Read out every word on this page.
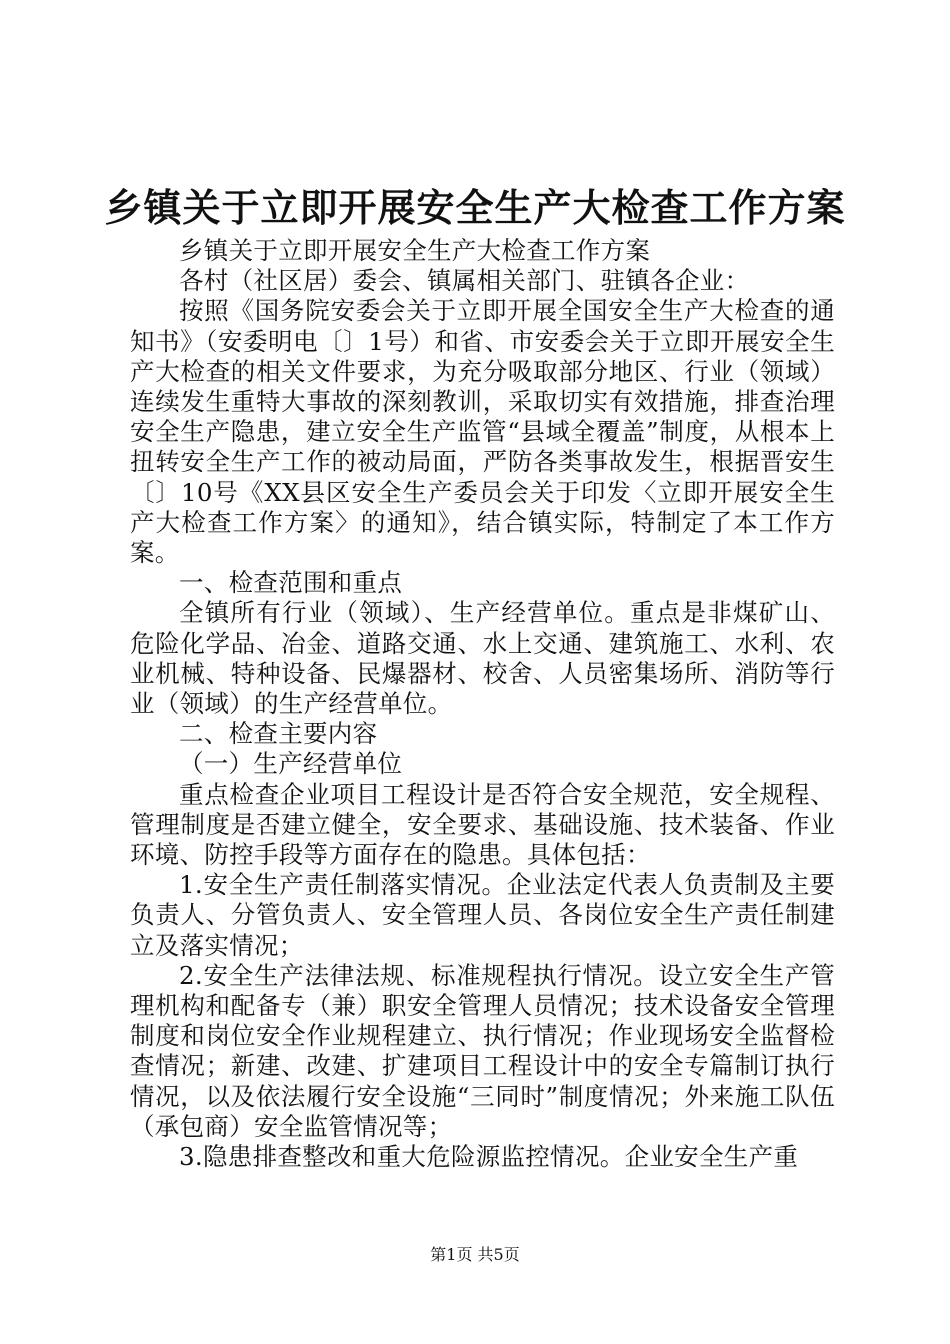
乡镇关于立即开展安全生产大检查工作方案

乡镇关于立即开展安全生产大检查工作方案

各村（社区居）委会、镇属相关部门、驻镇各企业：

按照《国务院安委会关于立即开展全国安全生产大检查的通知书》（安委明电〔〕1号）和省、市安委会关于立即开展安全生产大检查的相关文件要求，为充分吸取部分地区、行业（领域）连续发生重特大事故的深刻教训，采取切实有效措施，排查治理安全生产隐患，建立安全生产监管“县域全覆盖”制度，从根本上扭转安全生产工作的被动局面，严防各类事故发生，根据晋安生〔〕10号《XX县区安全生产委员会关于印发〈立即开展安全生产大检查工作方案〉的通知》，结合镇实际，特制定了本工作方案。

一、检查范围和重点

全镇所有行业（领域）、生产经营单位。重点是非煤矿山、危险化学品、冶金、道路交通、水上交通、建筑施工、水利、农业机械、特种设备、民爆器材、校舍、人员密集场所、消防等行业（领域）的生产经营单位。

二、检查主要内容

（一）生产经营单位

重点检查企业项目工程设计是否符合安全规范，安全规程、管理制度是否建立健全，安全要求、基础设施、技术装备、作业环境、防控手段等方面存在的隐患。具体包括：

1.安全生产责任制落实情况。企业法定代表人负责制及主要负责人、分管负责人、安全管理人员、各岗位安全生产责任制建立及落实情况；

2.安全生产法律法规、标准规程执行情况。设立安全生产管理机构和配备专（兼）职安全管理人员情况；技术设备安全管理制度和岗位安全作业规程建立、执行情况；作业现场安全监督检查情况；新建、改建、扩建项目工程设计中的安全专篇制订执行情况，以及依法履行安全设施“三同时”制度情况；外来施工队伍（承包商）安全监管情况等；

3.隐患排查整改和重大危险源监控情况。企业安全生产重

第1页 共5页
